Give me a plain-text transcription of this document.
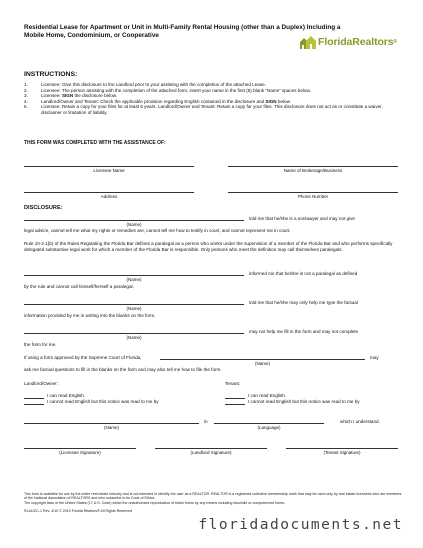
Residential Lease for Apartment or Unit in Multi-Family Rental Housing (other than a Duplex) Including a Mobile Home, Condominium, or Cooperative
FloridaRealtors®
INSTRUCTIONS:
1.	Licensee: Give this disclosure to the Landlord prior to your assisting with the completion of the attached Lease.
2.	Licensee: The person assisting with the completion of the attached form, insert your name in the first (5) blank “Name” spaces below.
3.	Licensee: SIGN the disclosure below.
4.	Landlord/Owner and Tenant: Check the applicable provision regarding English contained in the disclosure and SIGN below.
5.	Licensee: Retain a copy for your files for at least 6 years. Landlord/Owner and Tenant: Retain a copy for your files. This disclosure does not act as or constitute a waiver, disclaimer or limitation of liability.
THIS FORM WAS COMPLETED WITH THE ASSISTANCE OF:
Licensee Name	Name of Brokerage/Business
Address	Phone Number
DISCLOSURE:
told me that he/she is a nonlawyer and may not give
(Name)
legal advice, cannot tell me what my rights or remedies are, cannot tell me how to testify in court, and cannot represent me in court.
Rule 10-2.1(b) of the Rules Regulating the Florida Bar defines a paralegal as a person who works under the supervision of a member of the Florida Bar and who performs specifically delegated substantive legal work for which a member of the Florida Bar is responsible. Only persons who meet the definition may call themselves paralegals.
informed me that he/she is not a paralegal as defined
(Name)
by the rule and cannot call himself/herself a paralegal.
told me that he/she may only help me type the factual
(Name)
information provided by me in writing into the blanks on the form.
may not help me fill in the form and may not complete
(Name)
the form for me.
If using a form approved by the Supreme Court of Florida,	may
(Name)
ask me factual questions to fill in the blanks on the form and may also tell me how to file the form.
Landlord/Owner:	Tenant:
I can read English.
I cannot read English but this notice was read to me by
I can read English.
I cannot read English but this notice was read to me by
in	which I understand.
(Name)	(Language)
(Licensee Signature)	(Landlord Signature)	(Tenant Signature)
This form is available for use by the entire real estate industry and is not intended to identify the user as a REALTOR. REALTOR is a registered collective membership mark that may be used only by real estate licensees who are members of the National Association of REALTORS and who subscribe to its Code of Ethics.
The copyright laws of the United States (17 U.S. Code) forbid the unauthorized reproduction of blank forms by any means including facsimile or computerized forms.
RLAUCC-1 Rev. 4/10 © 2010 Florida Realtors® All Rights Reserved
floridadocuments.net
